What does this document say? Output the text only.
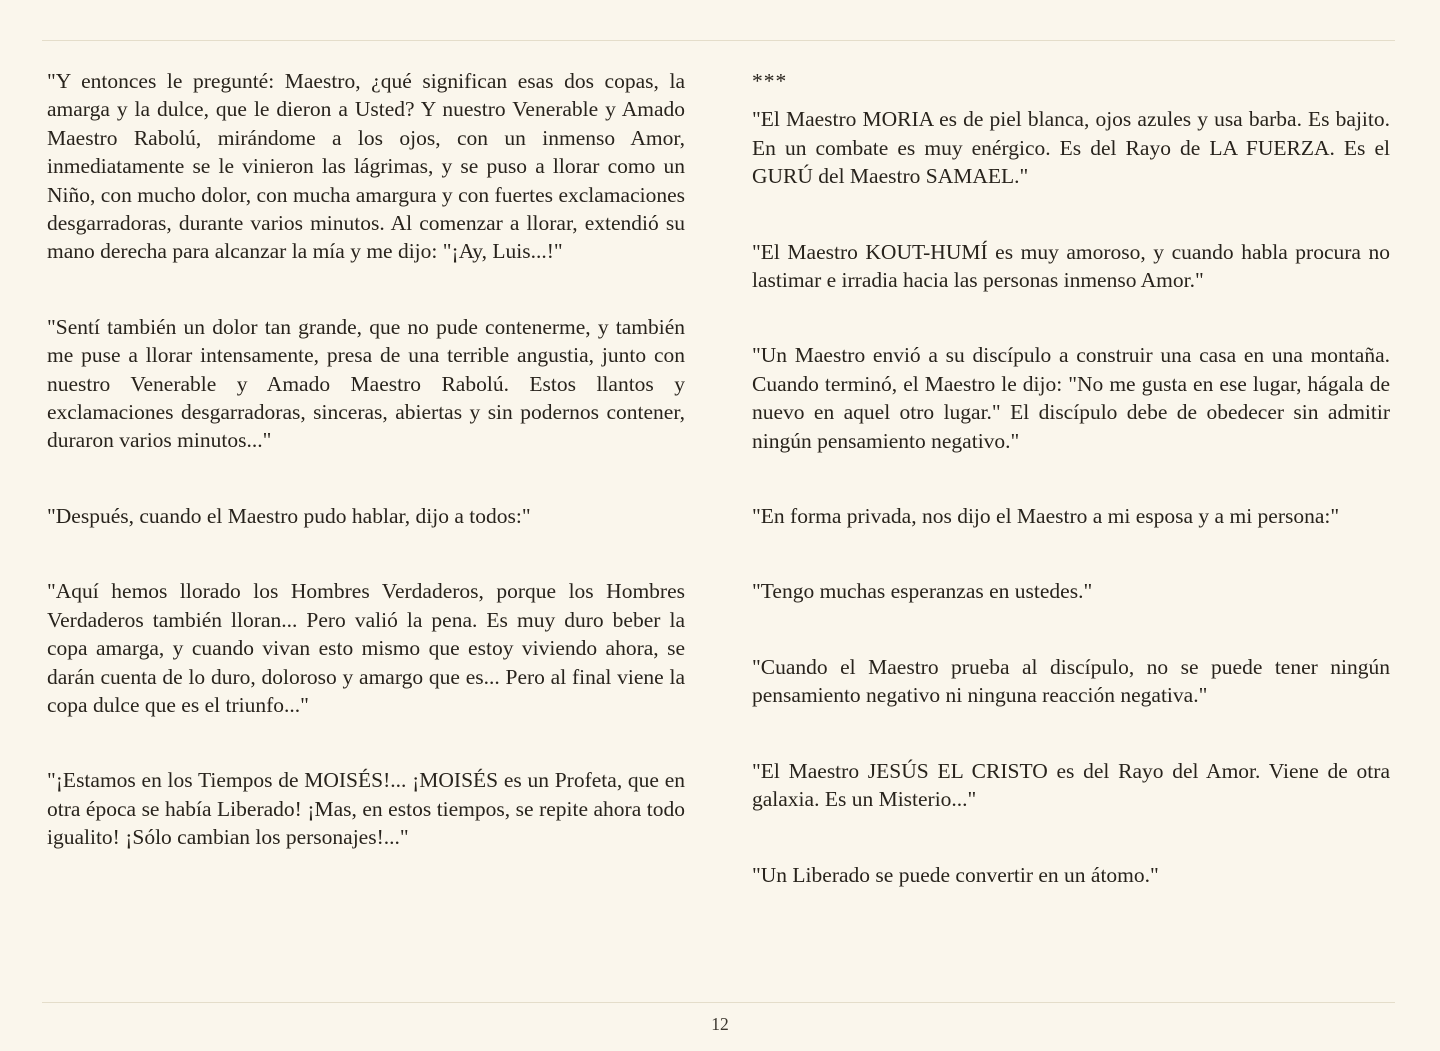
"Y entonces le pregunté: Maestro, ¿qué significan esas dos copas, la amarga y la dulce, que le dieron a Usted? Y nuestro Venerable y Amado Maestro Rabolú, mirándome a los ojos, con un inmenso Amor, inmediatamente se le vinieron las lágrimas, y se puso a llorar como un Niño, con mucho dolor, con mucha amargura y con fuertes exclamaciones desgarradoras, durante varios minutos. Al comenzar a llorar, extendió su mano derecha para alcanzar la mía y me dijo: "¡Ay, Luis...!"

"Sentí también un dolor tan grande, que no pude contenerme, y también me puse a llorar intensamente, presa de una terrible angustia, junto con nuestro Venerable y Amado Maestro Rabolú. Estos llantos y exclamaciones desgarradoras, sinceras, abiertas y sin podernos contener, duraron varios minutos..."

"Después, cuando el Maestro pudo hablar, dijo a todos:"

"Aquí hemos llorado los Hombres Verdaderos, porque los Hombres Verdaderos también lloran... Pero valió la pena. Es muy duro beber la copa amarga, y cuando vivan esto mismo que estoy viviendo ahora, se darán cuenta de lo duro, doloroso y amargo que es... Pero al final viene la copa dulce que es el triunfo..."

"¡Estamos en los Tiempos de MOISÉS!... ¡MOISÉS es un Profeta, que en otra época se había Liberado! ¡Mas, en estos tiempos, se repite ahora todo igualito! ¡Sólo cambian los personajes!..."

***

"El Maestro MORIA es de piel blanca, ojos azules y usa barba. Es bajito. En un combate es muy enérgico. Es del Rayo de LA FUERZA. Es el GURÚ del Maestro SAMAEL."

"El Maestro KOUT-HUMÍ es muy amoroso, y cuando habla procura no lastimar e irradia hacia las personas inmenso Amor."

"Un Maestro envió a su discípulo a construir una casa en una montaña. Cuando terminó, el Maestro le dijo: "No me gusta en ese lugar, hágala de nuevo en aquel otro lugar." El discípulo debe de obedecer sin admitir ningún pensamiento negativo."

"En forma privada, nos dijo el Maestro a mi esposa y a mi persona:"

"Tengo muchas esperanzas en ustedes."

"Cuando el Maestro prueba al discípulo, no se puede tener ningún pensamiento negativo ni ninguna reacción negativa."

"El Maestro JESÚS EL CRISTO es del Rayo del Amor. Viene de otra galaxia. Es un Misterio..."

"Un Liberado se puede convertir en un átomo."

12
